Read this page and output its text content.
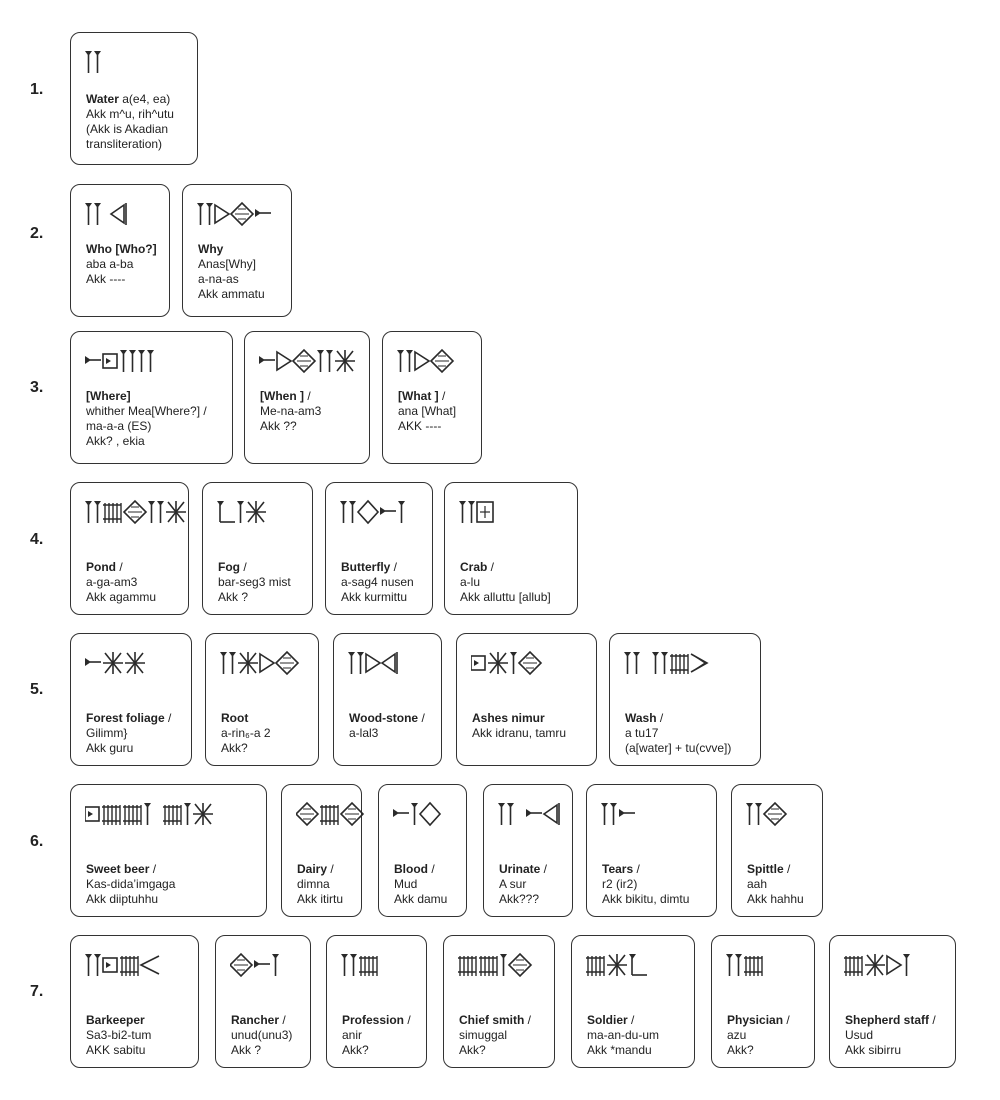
1.
Water a(e4, ea)
Akk m^u, rih^utu
(Akk is Akadian
transliteration)
2.
Who [Who?]
aba a-ba
Akk ----
Why
Anas[Why]
a-na-as
Akk ammatu
3.	[Where]
whither Mea[Where?] /
ma-a-a (ES)
Akk? , ekia
[When ] /
Me-na-am3
Akk ??
[What ] /
ana [What]
AKK ----
4.
Pond /
a-ga-am3
Akk agammu
Fog /
bar-seg3 mist
Akk ?
Butterfly /
a-sag4 nusen
Akk kurmittu
Crab /
a-lu
Akk alluttu [allub]
5.
Forest foliage /
Gilimm}
Akk guru
Root
a-rin₆-a 2
Akk?
Wood-stone /
a-lal3
Ashes nimur
Akk idranu, tamru
Wash /
a tu17
(a[water] + tu(cvve])
6.
Sweet beer /
Kas-dida’imgaga
Akk diiptuhhu
Dairy /
dimna
Akk itirtu
Blood /
Mud
Akk damu
Urinate /
A sur
Akk???
Tears /
r2 (ir2)
Akk bikitu, dimtu
Spittle /
aah
Akk hahhu
7.
Barkeeper
Sa3-bi2-tum
AKK sabitu
Rancher /
unud(unu3)
Akk ?
Profession /
anir
Akk?
Chief smith /
simuggal
Akk?
Soldier /
ma-an-du-um
Akk *mandu
Physician /
azu
Akk?
Shepherd staff /
Usud
Akk sibirru
